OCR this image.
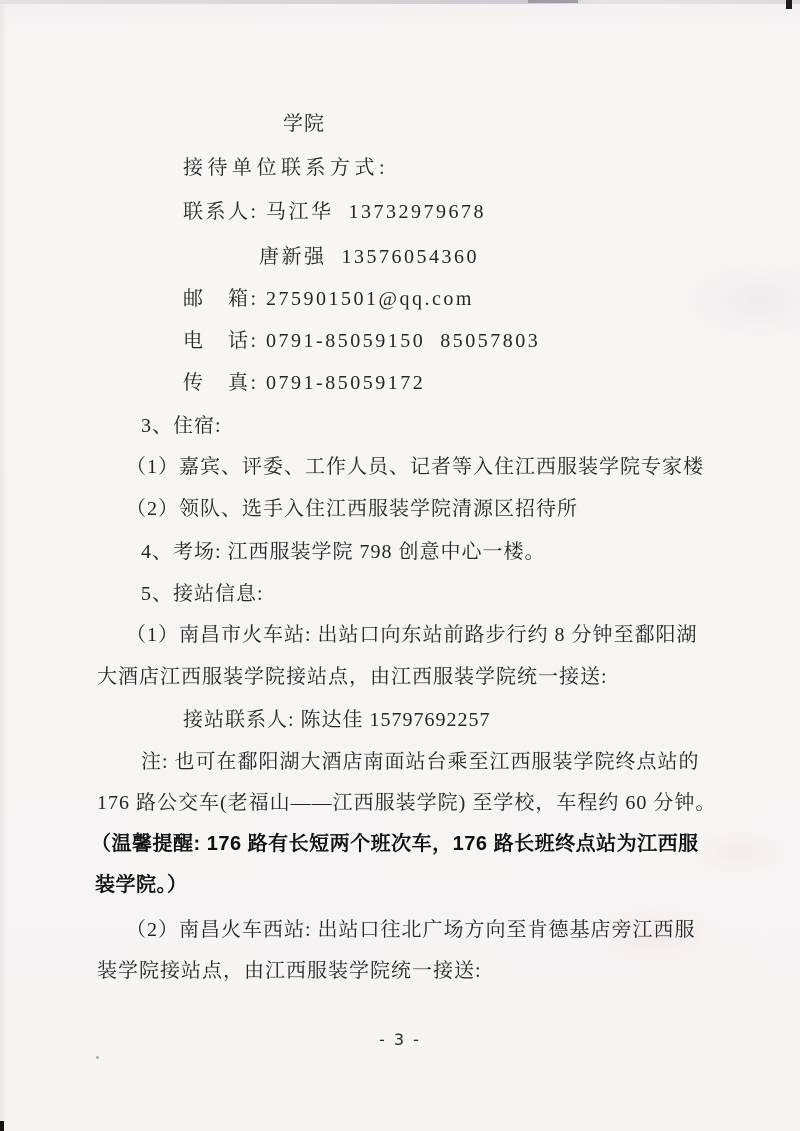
学院
接待单位联系方式:
联系人: 马江华  13732979678
唐新强  13576054360
邮　箱: 275901501@qq.com
电　话: 0791-85059150  85057803
传　真: 0791-85059172
3、住宿:
（1）嘉宾、评委、工作人员、记者等入住江西服装学院专家楼
（2）领队、选手入住江西服装学院清源区招待所
4、考场: 江西服装学院 798 创意中心一楼。
5、接站信息:
（1）南昌市火车站: 出站口向东站前路步行约 8 分钟至鄱阳湖
大酒店江西服装学院接站点，由江西服装学院统一接送:
接站联系人: 陈达佳 15797692257
注: 也可在鄱阳湖大酒店南面站台乘至江西服装学院终点站的
176 路公交车(老福山——江西服装学院) 至学校，车程约 60 分钟。
（温馨提醒: 176 路有长短两个班次车，176 路长班终点站为江西服
装学院。）
（2）南昌火车西站: 出站口往北广场方向至肯德基店旁江西服
装学院接站点，由江西服装学院统一接送:
- 3 -
